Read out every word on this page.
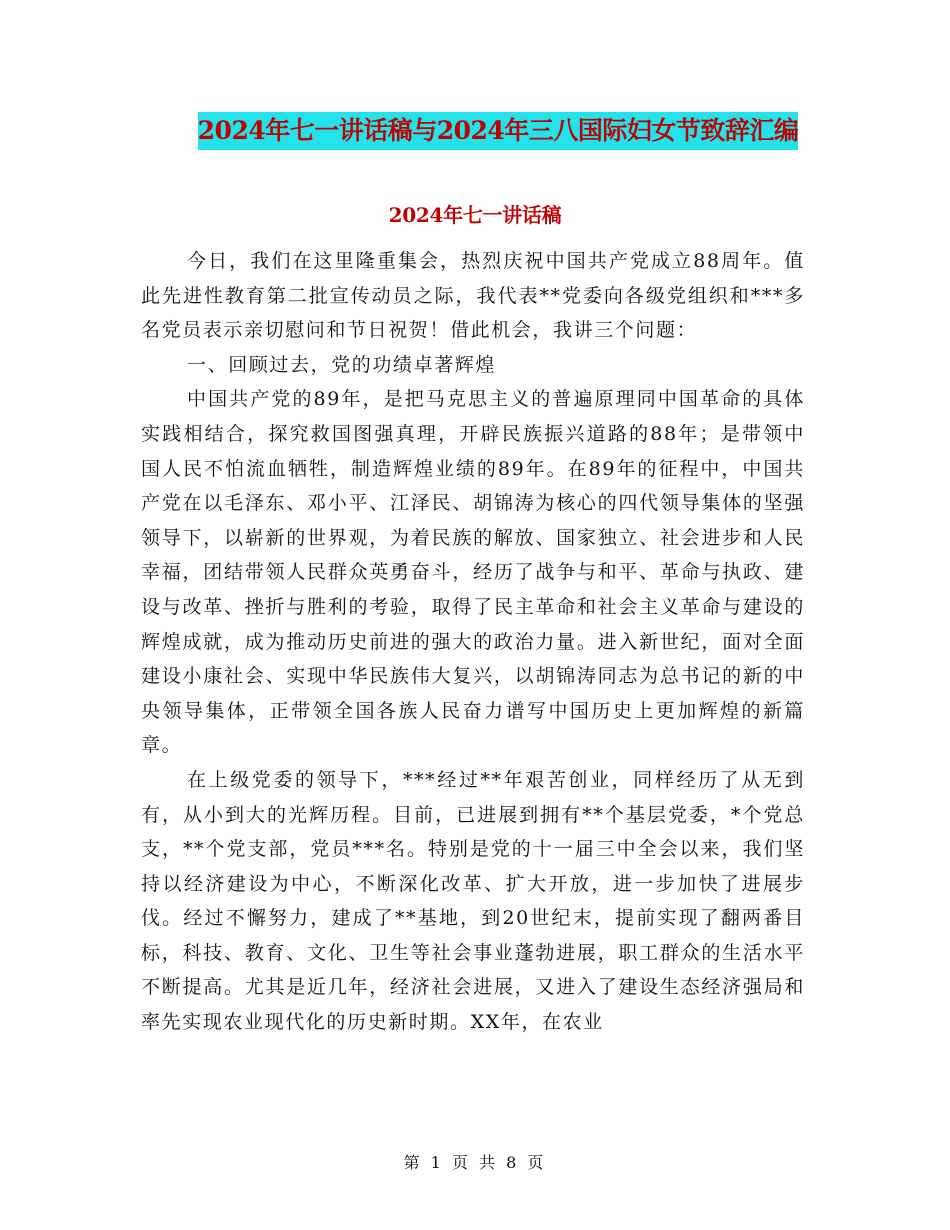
2024年七一讲话稿与2024年三八国际妇女节致辞汇编
2024年七一讲话稿

今日，我们在这里隆重集会，热烈庆祝中国共产党成立88周年。值此先进性教育第二批宣传动员之际，我代表**党委向各级党组织和***多名党员表示亲切慰问和节日祝贺！借此机会，我讲三个问题：

一、回顾过去，党的功绩卓著辉煌

中国共产党的89年，是把马克思主义的普遍原理同中国革命的具体实践相结合，探究救国图强真理，开辟民族振兴道路的88年；是带领中国人民不怕流血牺牲，制造辉煌业绩的89年。在89年的征程中，中国共产党在以毛泽东、邓小平、江泽民、胡锦涛为核心的四代领导集体的坚强领导下，以崭新的世界观，为着民族的解放、国家独立、社会进步和人民幸福，团结带领人民群众英勇奋斗，经历了战争与和平、革命与执政、建设与改革、挫折与胜利的考验，取得了民主革命和社会主义革命与建设的辉煌成就，成为推动历史前进的强大的政治力量。进入新世纪，面对全面建设小康社会、实现中华民族伟大复兴，以胡锦涛同志为总书记的新的中央领导集体，正带领全国各族人民奋力谱写中国历史上更加辉煌的新篇章。

在上级党委的领导下，***经过**年艰苦创业，同样经历了从无到有，从小到大的光辉历程。目前，已进展到拥有**个基层党委，*个党总支，**个党支部，党员***名。特别是党的十一届三中全会以来，我们坚持以经济建设为中心，不断深化改革、扩大开放，进一步加快了进展步伐。经过不懈努力，建成了**基地，到20世纪末，提前实现了翻两番目标，科技、教育、文化、卫生等社会事业蓬勃进展，职工群众的生活水平不断提高。尤其是近几年，经济社会进展，又进入了建设生态经济强局和率先实现农业现代化的历史新时期。XX年，在农业

第 1 页 共 8 页
